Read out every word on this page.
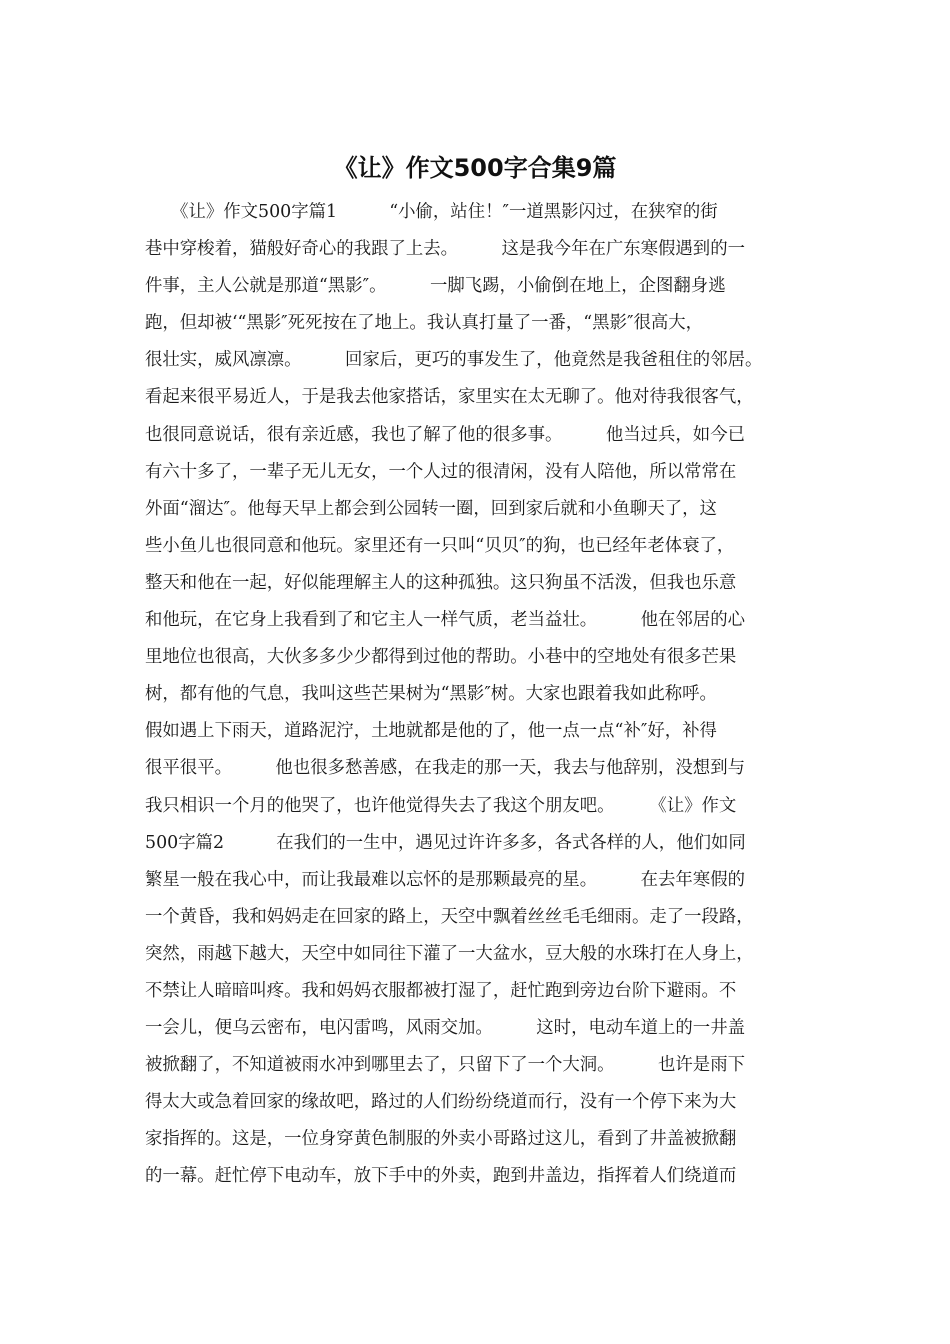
《让》作文500字合集9篇
　　《让》作文500字篇1　　　“小偷，站住！″一道黑影闪过，在狭窄的街
巷中穿梭着，猫般好奇心的我跟了上去。　　　这是我今年在广东寒假遇到的一
件事，主人公就是那道“黑影″。　　　一脚飞踢，小偷倒在地上，企图翻身逃
跑，但却被‘“黑影″死死按在了地上。我认真打量了一番，“黑影″很高大，
很壮实，威风凛凛。　　　回家后，更巧的事发生了，他竟然是我爸租住的邻居。
看起来很平易近人，于是我去他家搭话，家里实在太无聊了。他对待我很客气，
也很同意说话，很有亲近感，我也了解了他的很多事。　　　他当过兵，如今已
有六十多了，一辈子无儿无女，一个人过的很清闲，没有人陪他，所以常常在
外面“溜达″。他每天早上都会到公园转一圈，回到家后就和小鱼聊天了，这
些小鱼儿也很同意和他玩。家里还有一只叫“贝贝″的狗，也已经年老体衰了，
整天和他在一起，好似能理解主人的这种孤独。这只狗虽不活泼，但我也乐意
和他玩，在它身上我看到了和它主人一样气质，老当益壮。　　　他在邻居的心
里地位也很高，大伙多多少少都得到过他的帮助。小巷中的空地处有很多芒果
树，都有他的气息，我叫这些芒果树为“黑影″树。大家也跟着我如此称呼。
假如遇上下雨天，道路泥泞，土地就都是他的了，他一点一点“补″好，补得
很平很平。　　　他也很多愁善感，在我走的那一天，我去与他辞别，没想到与
我只相识一个月的他哭了，也许他觉得失去了我这个朋友吧。　　　《让》作文
500字篇2　　　在我们的一生中，遇见过许许多多，各式各样的人，他们如同
繁星一般在我心中，而让我最难以忘怀的是那颗最亮的星。　　　在去年寒假的
一个黄昏，我和妈妈走在回家的路上，天空中飘着丝丝毛毛细雨。走了一段路，
突然，雨越下越大，天空中如同往下灌了一大盆水，豆大般的水珠打在人身上，
不禁让人暗暗叫疼。我和妈妈衣服都被打湿了，赶忙跑到旁边台阶下避雨。不
一会儿，便乌云密布，电闪雷鸣，风雨交加。　　　这时，电动车道上的一井盖
被掀翻了，不知道被雨水冲到哪里去了，只留下了一个大洞。　　　也许是雨下
得太大或急着回家的缘故吧，路过的人们纷纷绕道而行，没有一个停下来为大
家指挥的。这是，一位身穿黄色制服的外卖小哥路过这儿，看到了井盖被掀翻
的一幕。赶忙停下电动车，放下手中的外卖，跑到井盖边，指挥着人们绕道而
